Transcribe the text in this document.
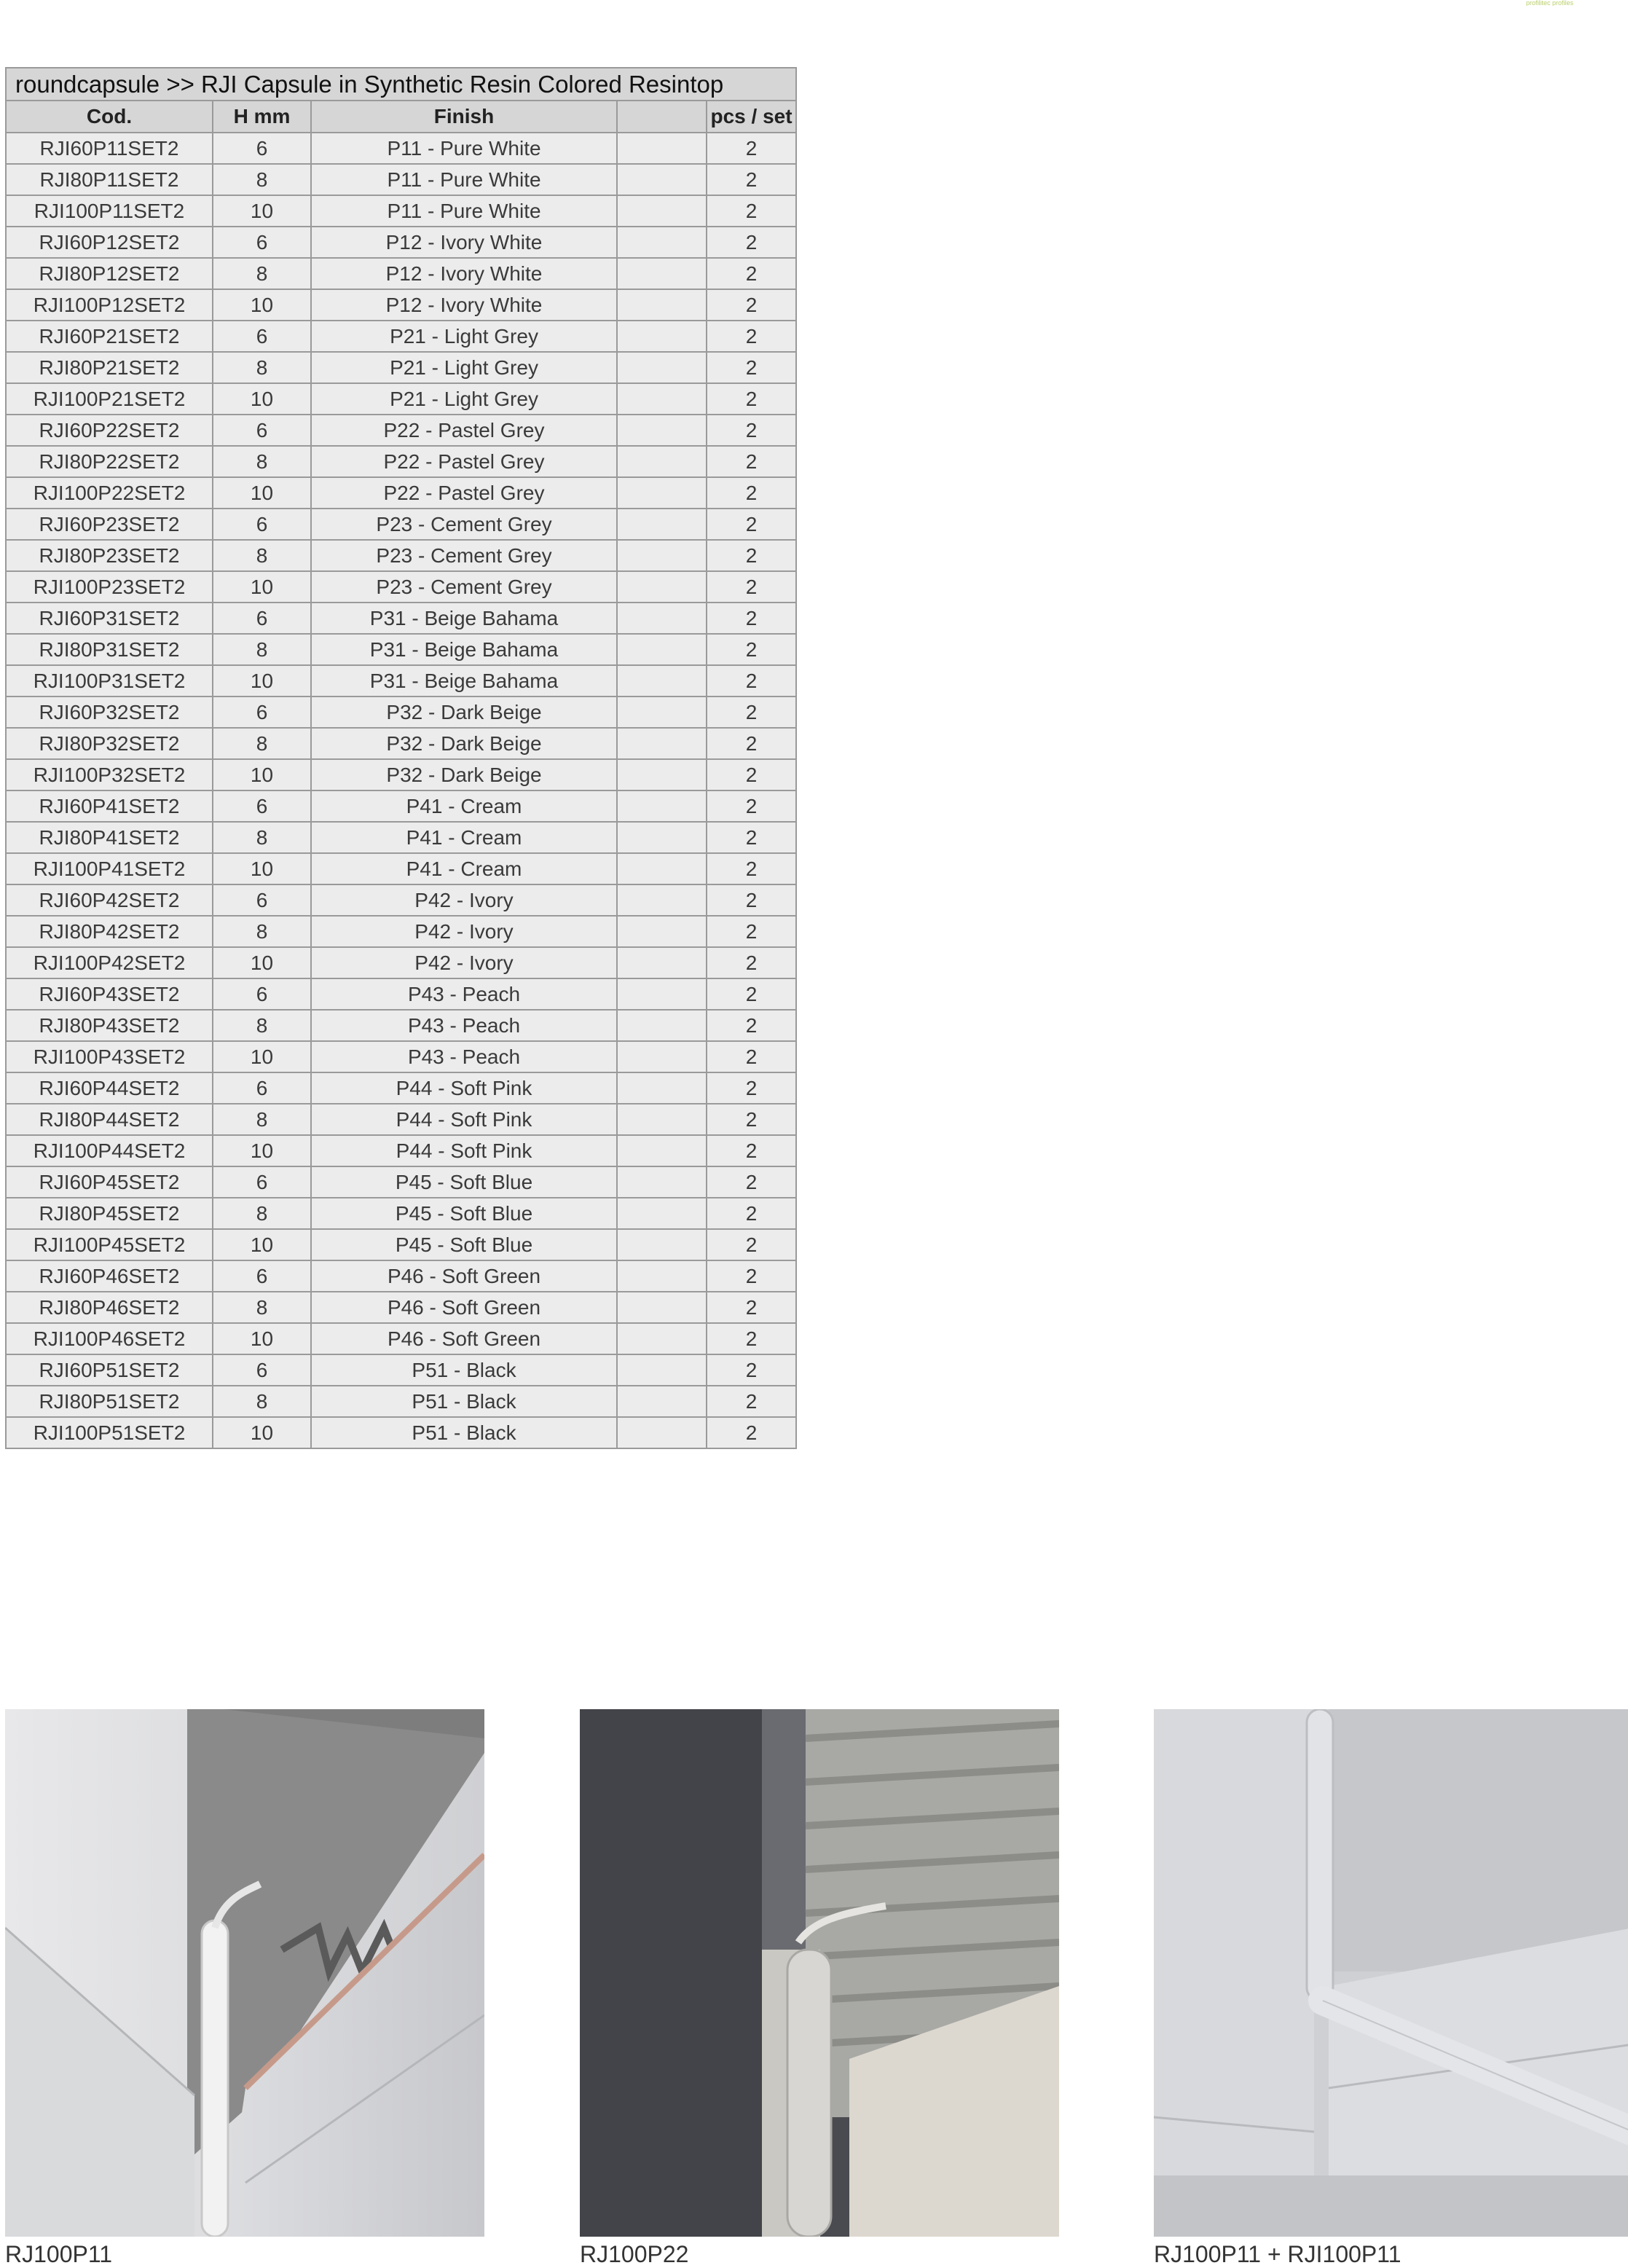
profilitec profiles
roundcapsule >> RJI Capsule in Synthetic Resin Colored Resintop				
Cod.	H mm	Finish		pcs / set
RJI60P11SET2	6	P11 - Pure White		2
RJI80P11SET2	8	P11 - Pure White		2
RJI100P11SET2	10	P11 - Pure White		2
RJI60P12SET2	6	P12 - Ivory White		2
RJI80P12SET2	8	P12 - Ivory White		2
RJI100P12SET2	10	P12 - Ivory White		2
RJI60P21SET2	6	P21 - Light Grey		2
RJI80P21SET2	8	P21 - Light Grey		2
RJI100P21SET2	10	P21 - Light Grey		2
RJI60P22SET2	6	P22 - Pastel Grey		2
RJI80P22SET2	8	P22 - Pastel Grey		2
RJI100P22SET2	10	P22 - Pastel Grey		2
RJI60P23SET2	6	P23 - Cement Grey		2
RJI80P23SET2	8	P23 - Cement Grey		2
RJI100P23SET2	10	P23 - Cement Grey		2
RJI60P31SET2	6	P31 - Beige Bahama		2
RJI80P31SET2	8	P31 - Beige Bahama		2
RJI100P31SET2	10	P31 - Beige Bahama		2
RJI60P32SET2	6	P32 - Dark Beige		2
RJI80P32SET2	8	P32 - Dark Beige		2
RJI100P32SET2	10	P32 - Dark Beige		2
RJI60P41SET2	6	P41 - Cream		2
RJI80P41SET2	8	P41 - Cream		2
RJI100P41SET2	10	P41 - Cream		2
RJI60P42SET2	6	P42 - Ivory		2
RJI80P42SET2	8	P42 - Ivory		2
RJI100P42SET2	10	P42 - Ivory		2
RJI60P43SET2	6	P43 - Peach		2
RJI80P43SET2	8	P43 - Peach		2
RJI100P43SET2	10	P43 - Peach		2
RJI60P44SET2	6	P44 - Soft Pink		2
RJI80P44SET2	8	P44 - Soft Pink		2
RJI100P44SET2	10	P44 - Soft Pink		2
RJI60P45SET2	6	P45 - Soft Blue		2
RJI80P45SET2	8	P45 - Soft Blue		2
RJI100P45SET2	10	P45 - Soft Blue		2
RJI60P46SET2	6	P46 - Soft Green		2
RJI80P46SET2	8	P46 - Soft Green		2
RJI100P46SET2	10	P46 - Soft Green		2
RJI60P51SET2	6	P51 - Black		2
RJI80P51SET2	8	P51 - Black		2
RJI100P51SET2	10	P51 - Black		2
RJ100P11	RJ100P22	RJ100P11 + RJI100P11
